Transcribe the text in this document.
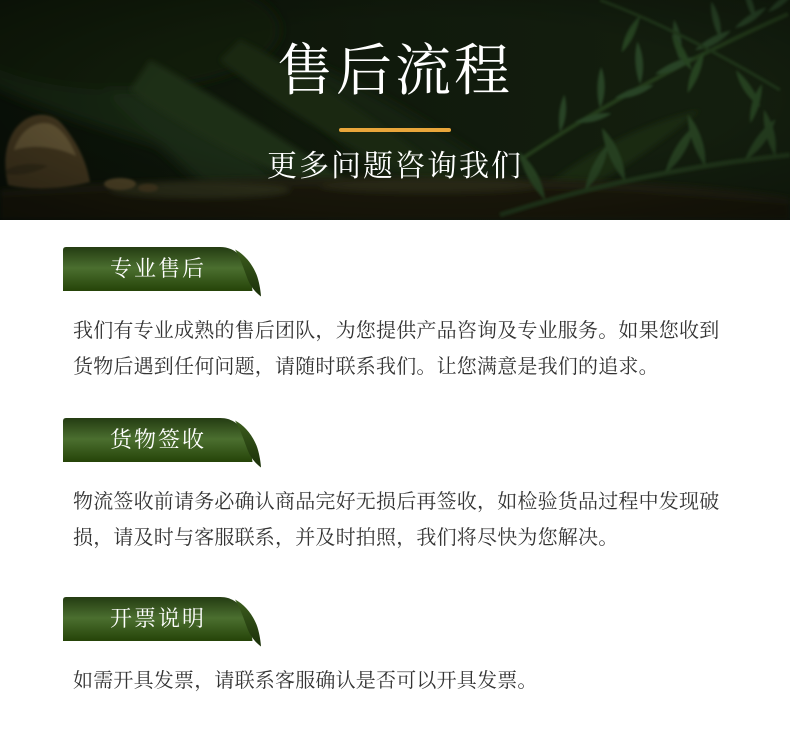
售后流程
更多问题咨询我们
专业售后

我们有专业成熟的售后团队，为您提供产品咨询及专业服务。如果您收到
货物后遇到任何问题，请随时联系我们。让您满意是我们的追求。

货物签收

物流签收前请务必确认商品完好无损后再签收，如检验货品过程中发现破
损，请及时与客服联系，并及时拍照，我们将尽快为您解决。

开票说明

如需开具发票，请联系客服确认是否可以开具发票。
